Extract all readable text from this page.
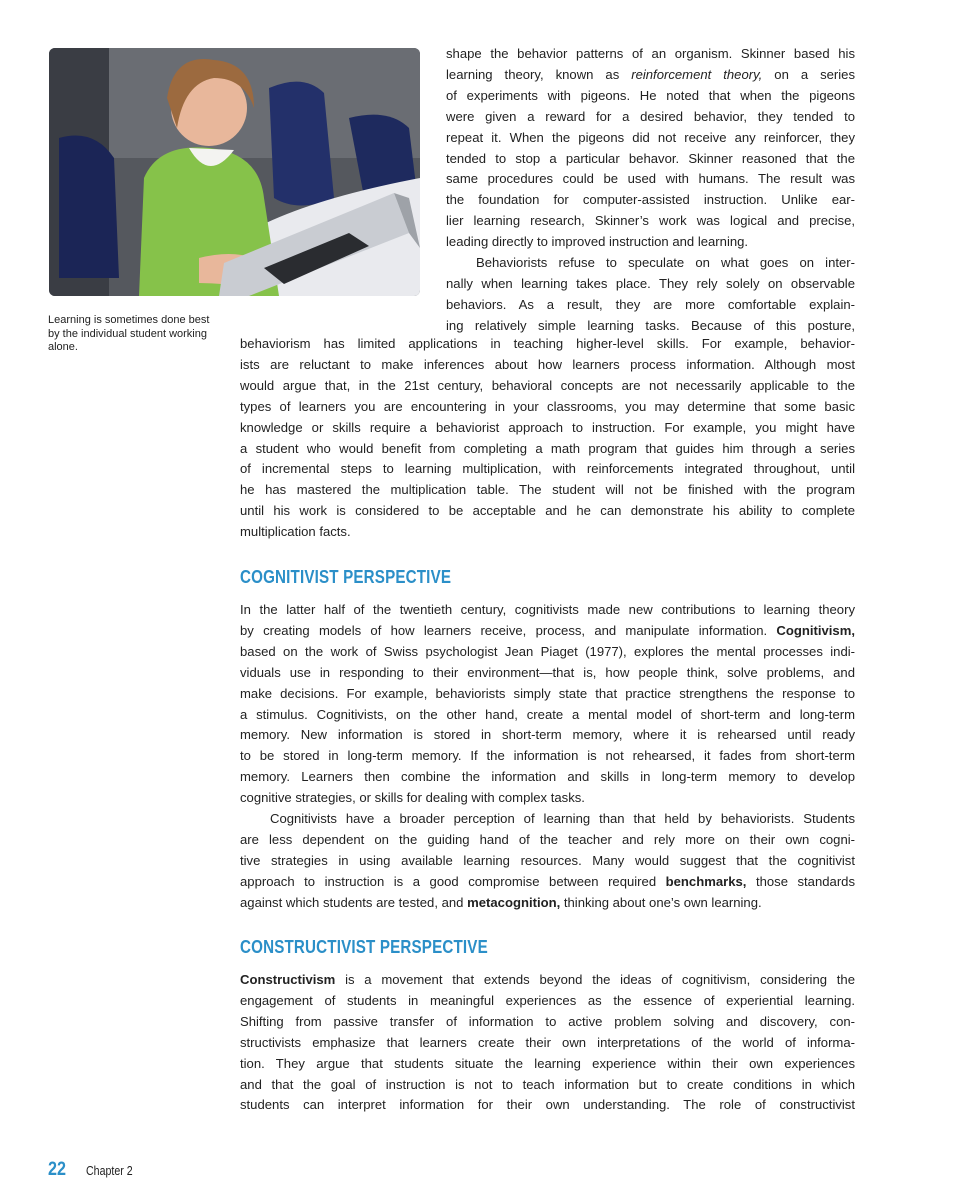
Learning is sometimes done best by the individual student working alone.
shape the behavior patterns of an organism. Skinner based his
learning theory, known as reinforcement theory, on a series
of experiments with pigeons. He noted that when the pigeons
were given a reward for a desired behavior, they tended to
repeat it. When the pigeons did not receive any reinforcer, they
tended to stop a particular behavor. Skinner reasoned that the
same procedures could be used with humans. The result was
the foundation for computer-assisted instruction. Unlike ear-
lier learning research, Skinner’s work was logical and precise,
leading directly to improved instruction and learning.
Behaviorists refuse to speculate on what goes on inter-
nally when learning takes place. They rely solely on observable
behaviors. As a result, they are more comfortable explain-
ing relatively simple learning tasks. Because of this posture,
behaviorism has limited applications in teaching higher-level skills. For example, behavior-
ists are reluctant to make inferences about how learners process information. Although most
would argue that, in the 21st century, behavioral concepts are not necessarily applicable to the
types of learners you are encountering in your classrooms, you may determine that some basic
knowledge or skills require a behaviorist approach to instruction. For example, you might have
a student who would benefit from completing a math program that guides him through a series
of incremental steps to learning multiplication, with reinforcements integrated throughout, until
he has mastered the multiplication table. The student will not be finished with the program
until his work is considered to be acceptable and he can demonstrate his ability to complete
multiplication facts.
COGNITIVIST PERSPECTIVE
In the latter half of the twentieth century, cognitivists made new contributions to learning theory
by creating models of how learners receive, process, and manipulate information. Cognitivism,
based on the work of Swiss psychologist Jean Piaget (1977), explores the mental processes indi-
viduals use in responding to their environment—that is, how people think, solve problems, and
make decisions. For example, behaviorists simply state that practice strengthens the response to
a stimulus. Cognitivists, on the other hand, create a mental model of short-term and long-term
memory. New information is stored in short-term memory, where it is rehearsed until ready
to be stored in long-term memory. If the information is not rehearsed, it fades from short-term
memory. Learners then combine the information and skills in long-term memory to develop
cognitive strategies, or skills for dealing with complex tasks.
Cognitivists have a broader perception of learning than that held by behaviorists. Students
are less dependent on the guiding hand of the teacher and rely more on their own cogni-
tive strategies in using available learning resources. Many would suggest that the cognitivist
approach to instruction is a good compromise between required benchmarks, those standards
against which students are tested, and metacognition, thinking about one’s own learning.
CONSTRUCTIVIST PERSPECTIVE
Constructivism is a movement that extends beyond the ideas of cognitivism, considering the
engagement of students in meaningful experiences as the essence of experiential learning.
Shifting from passive transfer of information to active problem solving and discovery, con-
structivists emphasize that learners create their own interpretations of the world of informa-
tion. They argue that students situate the learning experience within their own experiences
and that the goal of instruction is not to teach information but to create conditions in which
students can interpret information for their own understanding. The role of constructivist
22 Chapter 2
